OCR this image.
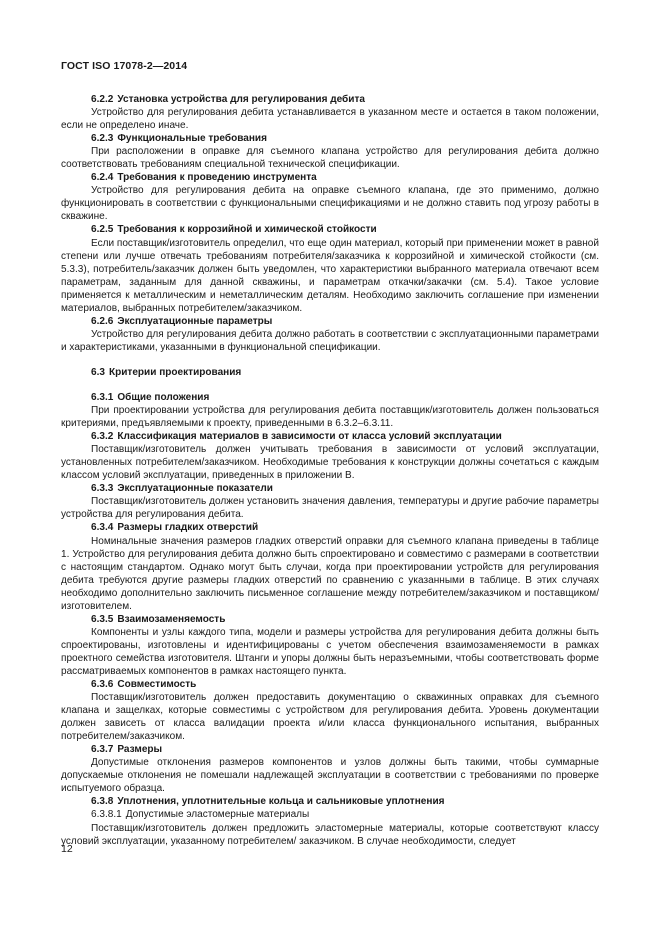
ГОСТ ISO 17078-2—2014

6.2.2 Установка устройства для регулирования дебита

Устройство для регулирования дебита устанавливается в указанном месте и остается в таком положении, если не определено иначе.

6.2.3 Функциональные требования

При расположении в оправке для съемного клапана устройство для регулирования дебита должно соответствовать требованиям специальной технической спецификации.

6.2.4 Требования к проведению инструмента

Устройство для регулирования дебита на оправке съемного клапана, где это применимо, должно функционировать в соответствии с функциональными спецификациями и не должно ставить под угрозу работы в скважине.

6.2.5 Требования к коррозийной и химической стойкости

Если поставщик/изготовитель определил, что еще один материал, который при применении может в равной степени или лучше отвечать требованиям потребителя/заказчика к коррозийной и химической стойкости (см. 5.3.3), потребитель/заказчик должен быть уведомлен, что характеристики выбранного материала отвечают всем параметрам, заданным для данной скважины, и параметрам откачки/закачки (см. 5.4). Такое условие применяется к металлическим и неметаллическим деталям. Необходимо заключить соглашение при изменении материалов, выбранных потребителем/заказчиком.

6.2.6 Эксплуатационные параметры

Устройство для регулирования дебита должно работать в соответствии с эксплуатационными параметрами и характеристиками, указанными в функциональной спецификации.

6.3 Критерии проектирования

6.3.1 Общие положения

При проектировании устройства для регулирования дебита поставщик/изготовитель должен пользоваться критериями, предъявляемыми к проекту, приведенными в 6.3.2–6.3.11.

6.3.2 Классификация материалов в зависимости от класса условий эксплуатации

Поставщик/изготовитель должен учитывать требования в зависимости от условий эксплуатации, установленных потребителем/заказчиком. Необходимые требования к конструкции должны сочетаться с каждым классом условий эксплуатации, приведенных в приложении В.

6.3.3 Эксплуатационные показатели

Поставщик/изготовитель должен установить значения давления, температуры и другие рабочие параметры устройства для регулирования дебита.

6.3.4 Размеры гладких отверстий

Номинальные значения размеров гладких отверстий оправки для съемного клапана приведены в таблице 1. Устройство для регулирования дебита должно быть спроектировано и совместимо с размерами в соответствии с настоящим стандартом. Однако могут быть случаи, когда при проектировании устройств для регулирования дебита требуются другие размеры гладких отверстий по сравнению с указанными в таблице. В этих случаях необходимо дополнительно заключить письменное соглашение между потребителем/заказчиком и поставщиком/изготовителем.

6.3.5 Взаимозаменяемость

Компоненты и узлы каждого типа, модели и размеры устройства для регулирования дебита должны быть спроектированы, изготовлены и идентифицированы с учетом обеспечения взаимозаменяемости в рамках проектного семейства изготовителя. Штанги и упоры должны быть неразъемными, чтобы соответствовать форме рассматриваемых компонентов в рамках настоящего пункта.

6.3.6 Совместимость

Поставщик/изготовитель должен предоставить документацию о скважинных оправках для съемного клапана и защелках, которые совместимы с устройством для регулирования дебита. Уровень документации должен зависеть от класса валидации проекта и/или класса функционального испытания, выбранных потребителем/заказчиком.

6.3.7 Размеры

Допустимые отклонения размеров компонентов и узлов должны быть такими, чтобы суммарные допускаемые отклонения не помешали надлежащей эксплуатации в соответствии с требованиями по проверке испытуемого образца.

6.3.8 Уплотнения, уплотнительные кольца и сальниковые уплотнения

6.3.8.1 Допустимые эластомерные материалы

Поставщик/изготовитель должен предложить эластомерные материалы, которые соответствуют классу условий эксплуатации, указанному потребителем/ заказчиком. В случае необходимости, следует

12
